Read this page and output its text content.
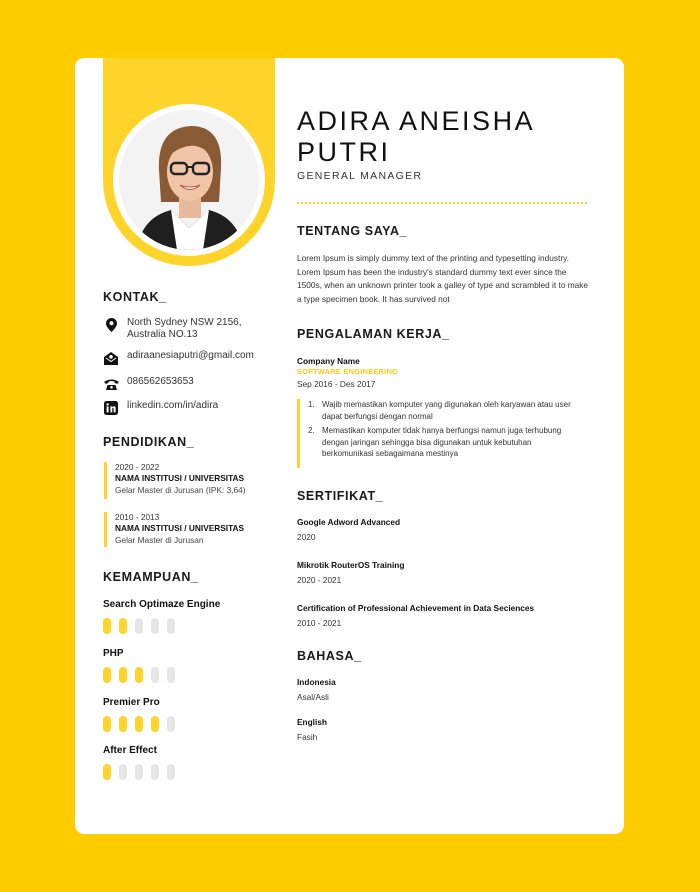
KONTAK_
North Sydney NSW 2156,
Australia NO.13
adiraanesiaputri@gmail.com
086562653653
linkedin.com/in/adira
PENDIDIKAN_
2020 - 2022
NAMA INSTITUSI / UNIVERSITAS
Gelar Master di Jurusan (IPK: 3,64)
2010 - 2013
NAMA INSTITUSI / UNIVERSITAS
Gelar Master di Jurusan
KEMAMPUAN_
Search Optimaze Engine
PHP
Premier Pro
After Effect
ADIRA ANEISHA PUTRI
GENERAL MANAGER
TENTANG SAYA_
Lorem Ipsum is simply dummy text of the printing and typesetting industry. Lorem Ipsum has been the industry's standard dummy text ever since the 1500s, when an unknown printer took a galley of type and scrambled it to make a type specimen book. It has survived not
PENGALAMAN KERJA_
Company Name
SOFTWARE ENGINEERING
Sep 2016 - Des 2017
1. Wajib memastikan komputer yang digunakan oleh karyawan atau user dapat berfungsi dengan normal
2. Memastikan komputer tidak hanya berfungsi namun juga terhubung dengan jaringan sehingga bisa digunakan untuk kebutuhan berkomunikasi sebagaimana mestinya
SERTIFIKAT_
Google Adword Advanced
2020
Mikrotik RouterOS Training
2020 - 2021
Certification of Professional Achievement in Data Seciences
2010 - 2021
BAHASA_
Indonesia
Asal/Asli
English
Fasih
